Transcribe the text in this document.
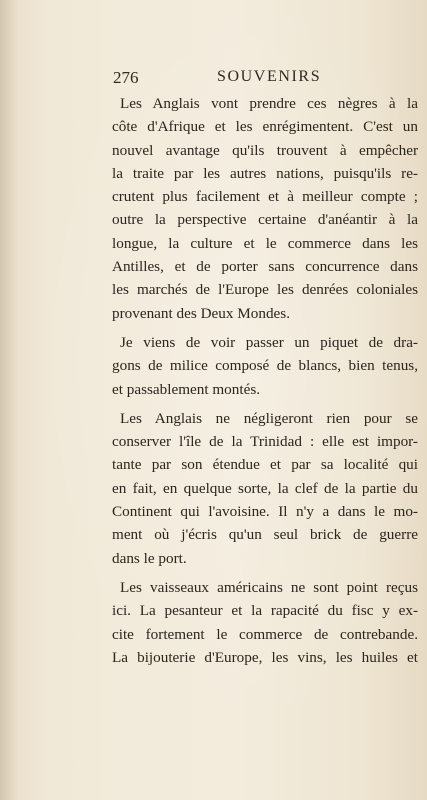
276	SOUVENIRS
Les Anglais vont prendre ces nègres à la
côte d'Afrique et les enrégimentent. C'est un
nouvel avantage qu'ils trouvent à empêcher
la traite par les autres nations, puisqu'ils re-
crutent plus facilement et à meilleur compte ;
outre la perspective certaine d'anéantir à la
longue, la culture et le commerce dans les
Antilles, et de porter sans concurrence dans
les marchés de l'Europe les denrées coloniales
provenant des Deux Mondes.
Je viens de voir passer un piquet de dra-
gons de milice composé de blancs, bien tenus,
et passablement montés.
Les Anglais ne négligeront rien pour se
conserver l'île de la Trinidad : elle est impor-
tante par son étendue et par sa localité qui
en fait, en quelque sorte, la clef de la partie du
Continent qui l'avoisine. Il n'y a dans le mo-
ment où j'écris qu'un seul brick de guerre
dans le port.
Les vaisseaux américains ne sont point reçus
ici. La pesanteur et la rapacité du fisc y ex-
cite fortement le commerce de contrebande.
La bijouterie d'Europe, les vins, les huiles et
